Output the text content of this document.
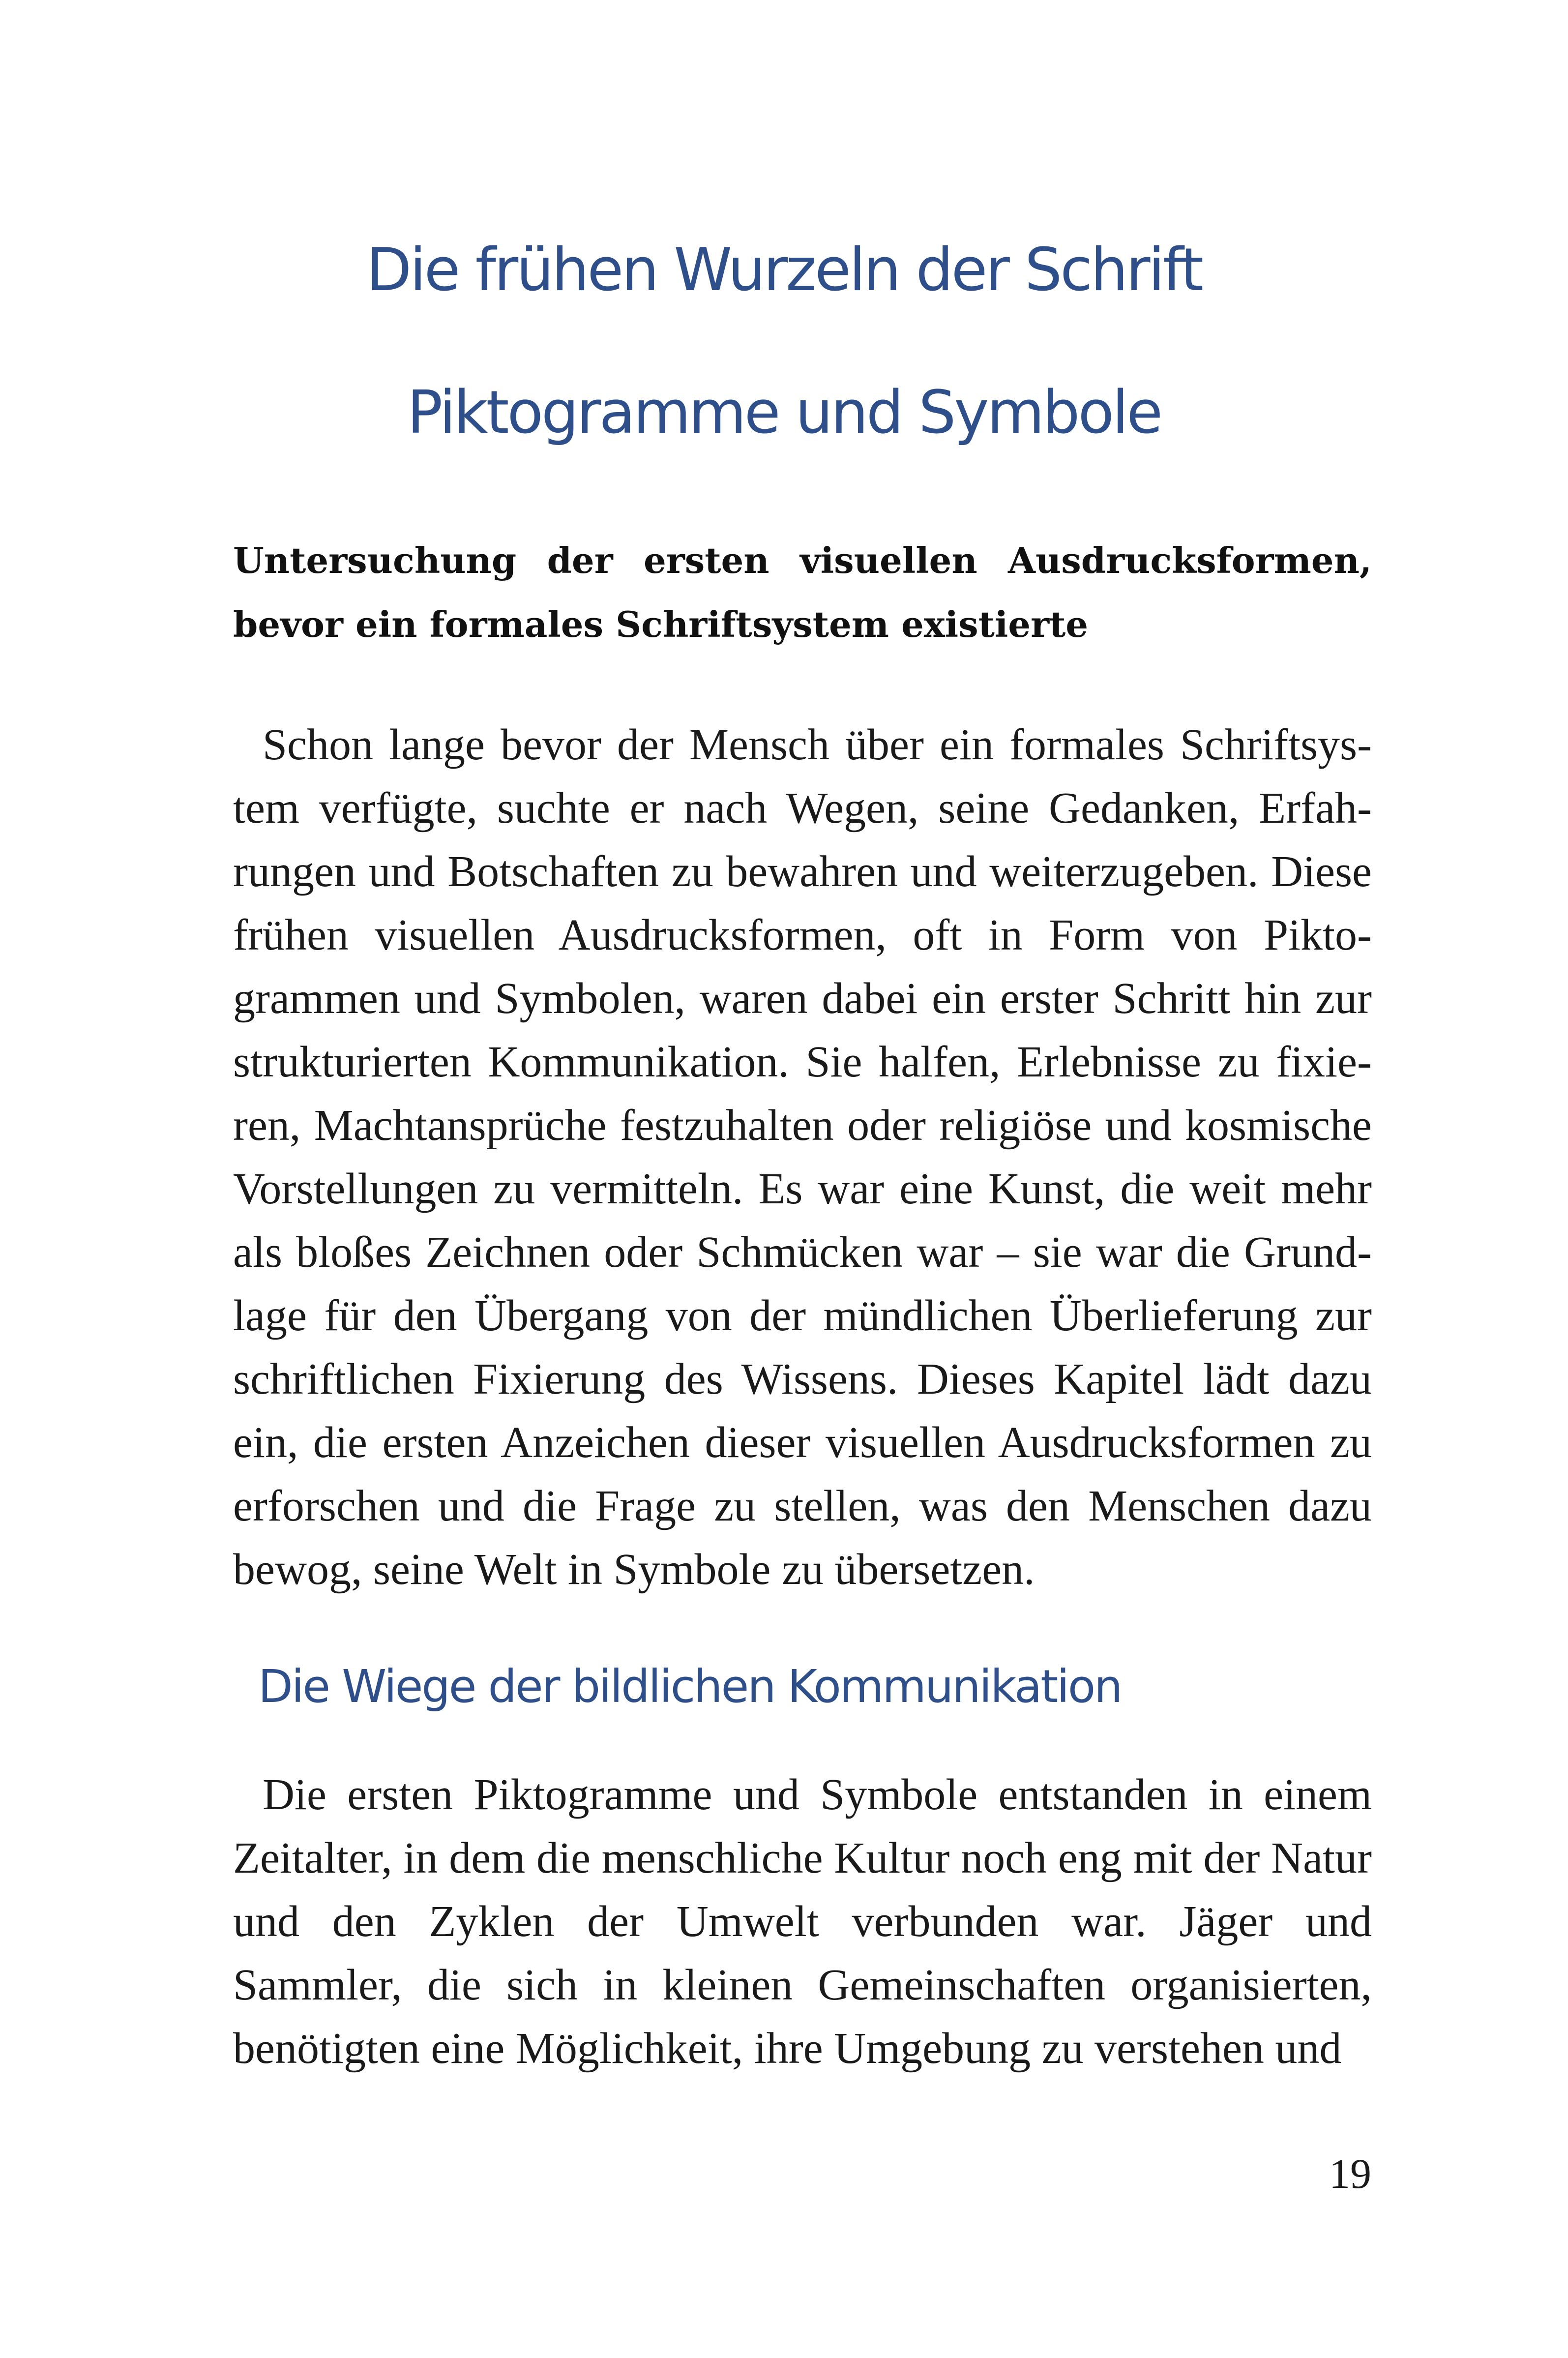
Die frühen Wurzeln der Schrift
Piktogramme und Symbole

Untersuchung der ersten visuellen Ausdrucksformen, bevor ein formales Schriftsystem existierte

Schon lange bevor der Mensch über ein formales Schriftsystem verfügte, suchte er nach Wegen, seine Gedanken, Erfahrungen und Botschaften zu bewahren und weiterzugeben. Diese frühen visuellen Ausdrucksformen, oft in Form von Piktogrammen und Symbolen, waren dabei ein erster Schritt hin zur strukturierten Kommunikation. Sie halfen, Erlebnisse zu fixieren, Machtansprüche festzuhalten oder religiöse und kosmische Vorstellungen zu vermitteln. Es war eine Kunst, die weit mehr als bloßes Zeichnen oder Schmücken war – sie war die Grundlage für den Übergang von der mündlichen Überlieferung zur schriftlichen Fixierung des Wissens. Dieses Kapitel lädt dazu ein, die ersten Anzeichen dieser visuellen Ausdrucksformen zu erforschen und die Frage zu stellen, was den Menschen dazu bewog, seine Welt in Symbole zu übersetzen.

Die Wiege der bildlichen Kommunikation

Die ersten Piktogramme und Symbole entstanden in einem Zeitalter, in dem die menschliche Kultur noch eng mit der Natur und den Zyklen der Umwelt verbunden war. Jäger und Sammler, die sich in kleinen Gemeinschaften organisierten, benötigten eine Möglichkeit, ihre Umgebung zu verstehen und

19
